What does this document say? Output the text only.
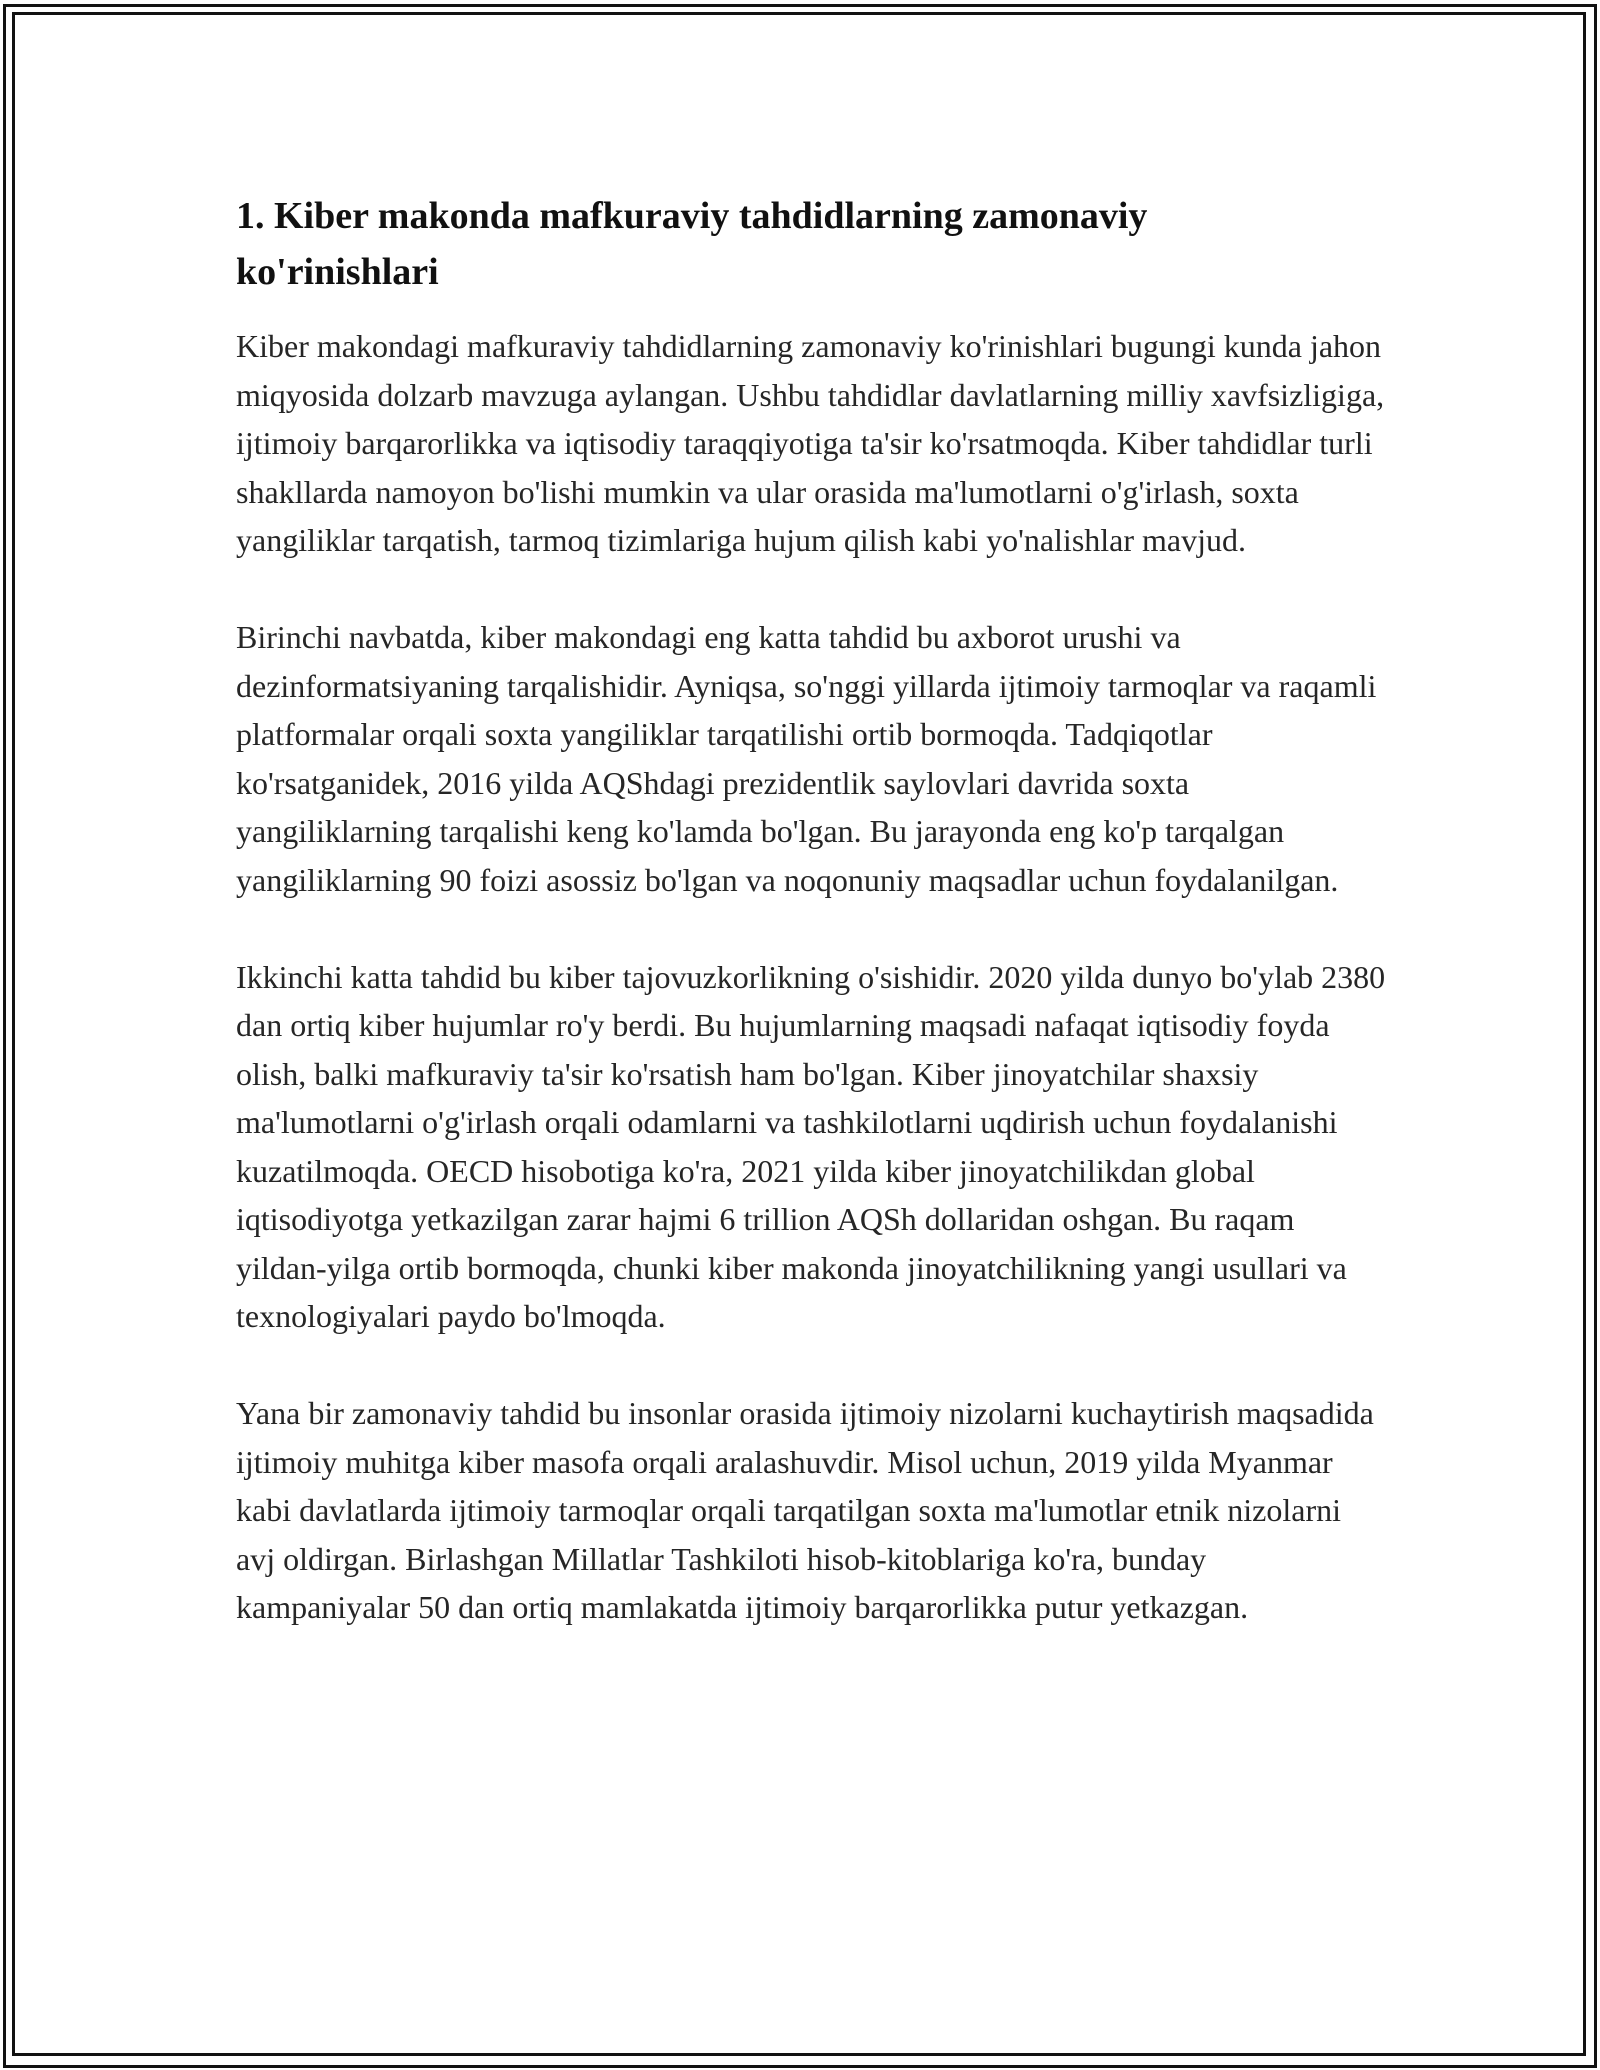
1. Kiber makonda mafkuraviy tahdidlarning zamonaviy ko'rinishlari

Kiber makondagi mafkuraviy tahdidlarning zamonaviy ko'rinishlari bugungi kunda jahon miqyosida dolzarb mavzuga aylangan. Ushbu tahdidlar davlatlarning milliy xavfsizligiga, ijtimoiy barqarorlikka va iqtisodiy taraqqiyotiga ta'sir ko'rsatmoqda. Kiber tahdidlar turli shakllarda namoyon bo'lishi mumkin va ular orasida ma'lumotlarni o'g'irlash, soxta yangiliklar tarqatish, tarmoq tizimlariga hujum qilish kabi yo'nalishlar mavjud.

Birinchi navbatda, kiber makondagi eng katta tahdid bu axborot urushi va dezinformatsiyaning tarqalishidir. Ayniqsa, so'nggi yillarda ijtimoiy tarmoqlar va raqamli platformalar orqali soxta yangiliklar tarqatilishi ortib bormoqda. Tadqiqotlar ko'rsatganidek, 2016 yilda AQShdagi prezidentlik saylovlari davrida soxta yangiliklarning tarqalishi keng ko'lamda bo'lgan. Bu jarayonda eng ko'p tarqalgan yangiliklarning 90 foizi asossiz bo'lgan va noqonuniy maqsadlar uchun foydalanilgan.

Ikkinchi katta tahdid bu kiber tajovuzkorlikning o'sishidir. 2020 yilda dunyo bo'ylab 2380 dan ortiq kiber hujumlar ro'y berdi. Bu hujumlarning maqsadi nafaqat iqtisodiy foyda olish, balki mafkuraviy ta'sir ko'rsatish ham bo'lgan. Kiber jinoyatchilar shaxsiy ma'lumotlarni o'g'irlash orqali odamlarni va tashkilotlarni uqdirish uchun foydalanishi kuzatilmoqda. OECD hisobotiga ko'ra, 2021 yilda kiber jinoyatchilikdan global iqtisodiyotga yetkazilgan zarar hajmi 6 trillion AQSh dollaridan oshgan. Bu raqam yildan-yilga ortib bormoqda, chunki kiber makonda jinoyatchilikning yangi usullari va texnologiyalari paydo bo'lmoqda.

Yana bir zamonaviy tahdid bu insonlar orasida ijtimoiy nizolarni kuchaytirish maqsadida ijtimoiy muhitga kiber masofa orqali aralashuvdir. Misol uchun, 2019 yilda Myanmar kabi davlatlarda ijtimoiy tarmoqlar orqali tarqatilgan soxta ma'lumotlar etnik nizolarni avj oldirgan. Birlashgan Millatlar Tashkiloti hisob-kitoblariga ko'ra, bunday kampaniyalar 50 dan ortiq mamlakatda ijtimoiy barqarorlikka putur yetkazgan.
